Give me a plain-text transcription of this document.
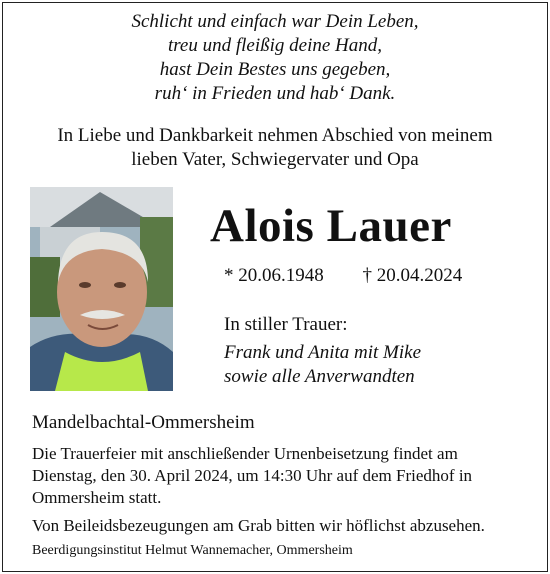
Schlicht und einfach war Dein Leben,
treu und fleißig deine Hand,
hast Dein Bestes uns gegeben,
ruh‘ in Frieden und hab‘ Dank.
In Liebe und Dankbarkeit nehmen Abschied von meinem
lieben Vater, Schwiegervater und Opa
Alois Lauer
* 20.06.1948 † 20.04.2024
In stiller Trauer:
Frank und Anita mit Mike
sowie alle Anverwandten
Mandelbachtal-Ommersheim
Die Trauerfeier mit anschließender Urnenbeisetzung findet am
Dienstag, den 30. April 2024, um 14:30 Uhr auf dem Friedhof in
Ommersheim statt.
Von Beileidsbezeugungen am Grab bitten wir höflichst abzusehen.
Beerdigungsinstitut Helmut Wannemacher, Ommersheim
